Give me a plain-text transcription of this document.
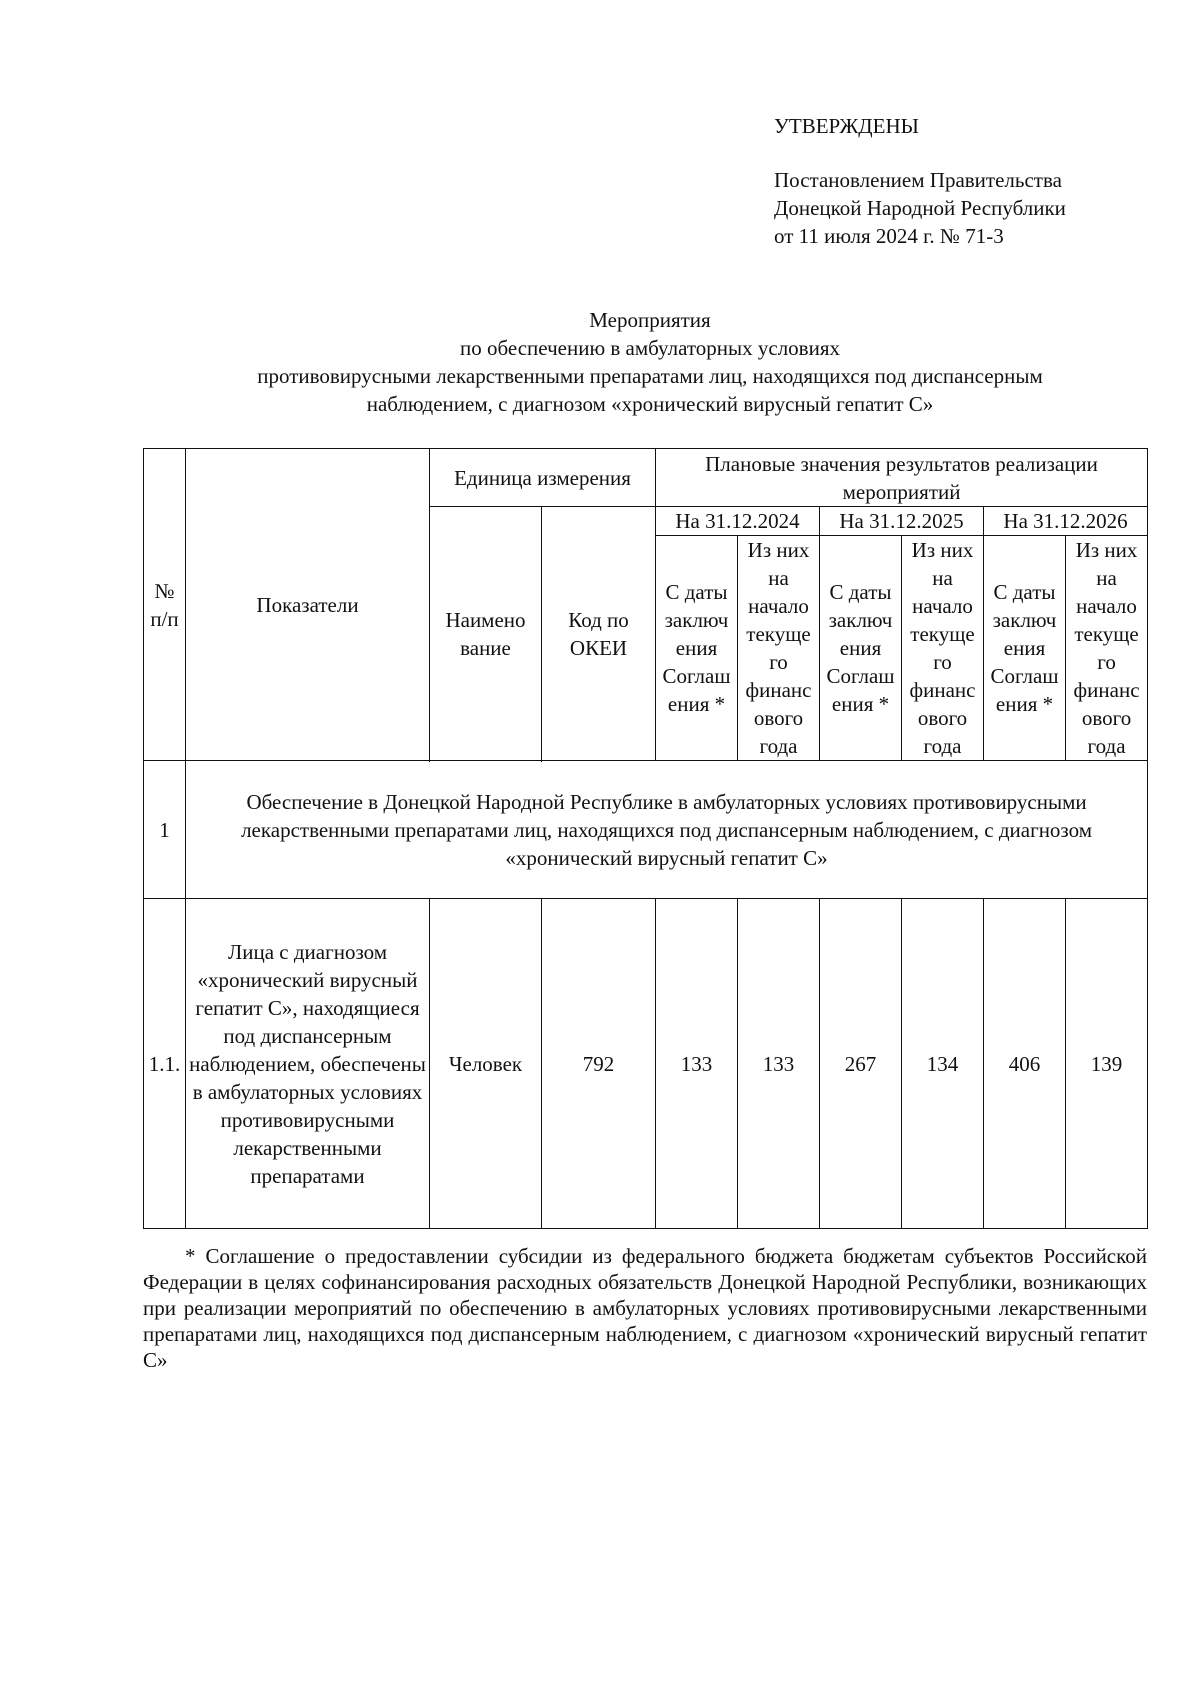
УТВЕРЖДЕНЫ
Постановлением Правительства
Донецкой Народной Республики
от 11 июля 2024 г. № 71-3
Мероприятия
по обеспечению в амбулаторных условиях
противовирусными лекарственными препаратами лиц, находящихся под диспансерным
наблюдением, с диагнозом «хронический вирусный гепатит С»
№ п/п	Показатели	Единица измерения		Плановые значения результатов реализации мероприятий					
		Наимено вание	Код по ОКЕИ	На 31.12.2024		На 31.12.2025		На 31.12.2026	
				С даты заключ ения Соглаш ения *	Из них на начало текуще го финанс ового года	С даты заключ ения Соглаш ения *	Из них на начало текуще го финанс ового года	С даты заключ ения Соглаш ения *	Из них на начало текуще го финанс ового года

1	Обеспечение в Донецкой Народной Республике в амбулаторных условиях противовирусными лекарственными препаратами лиц, находящихся под диспансерным наблюдением, с диагнозом «хронический вирусный гепатит С»								
1.1.	Лица с диагнозом «хронический вирусный гепатит С», находящиеся под диспансерным наблюдением, обеспечены в амбулаторных условиях противовирусными лекарственными препаратами	Человек	792	133	133	267	134	406	139
* Соглашение о предоставлении субсидии из федерального бюджета бюджетам субъектов Российской Федерации в целях софинансирования расходных обязательств Донецкой Народной Республики, возникающих при реализации мероприятий по обеспечению в амбулаторных условиях противовирусными лекарственными препаратами лиц, находящихся под диспансерным наблюдением, с диагнозом «хронический вирусный гепатит С»
